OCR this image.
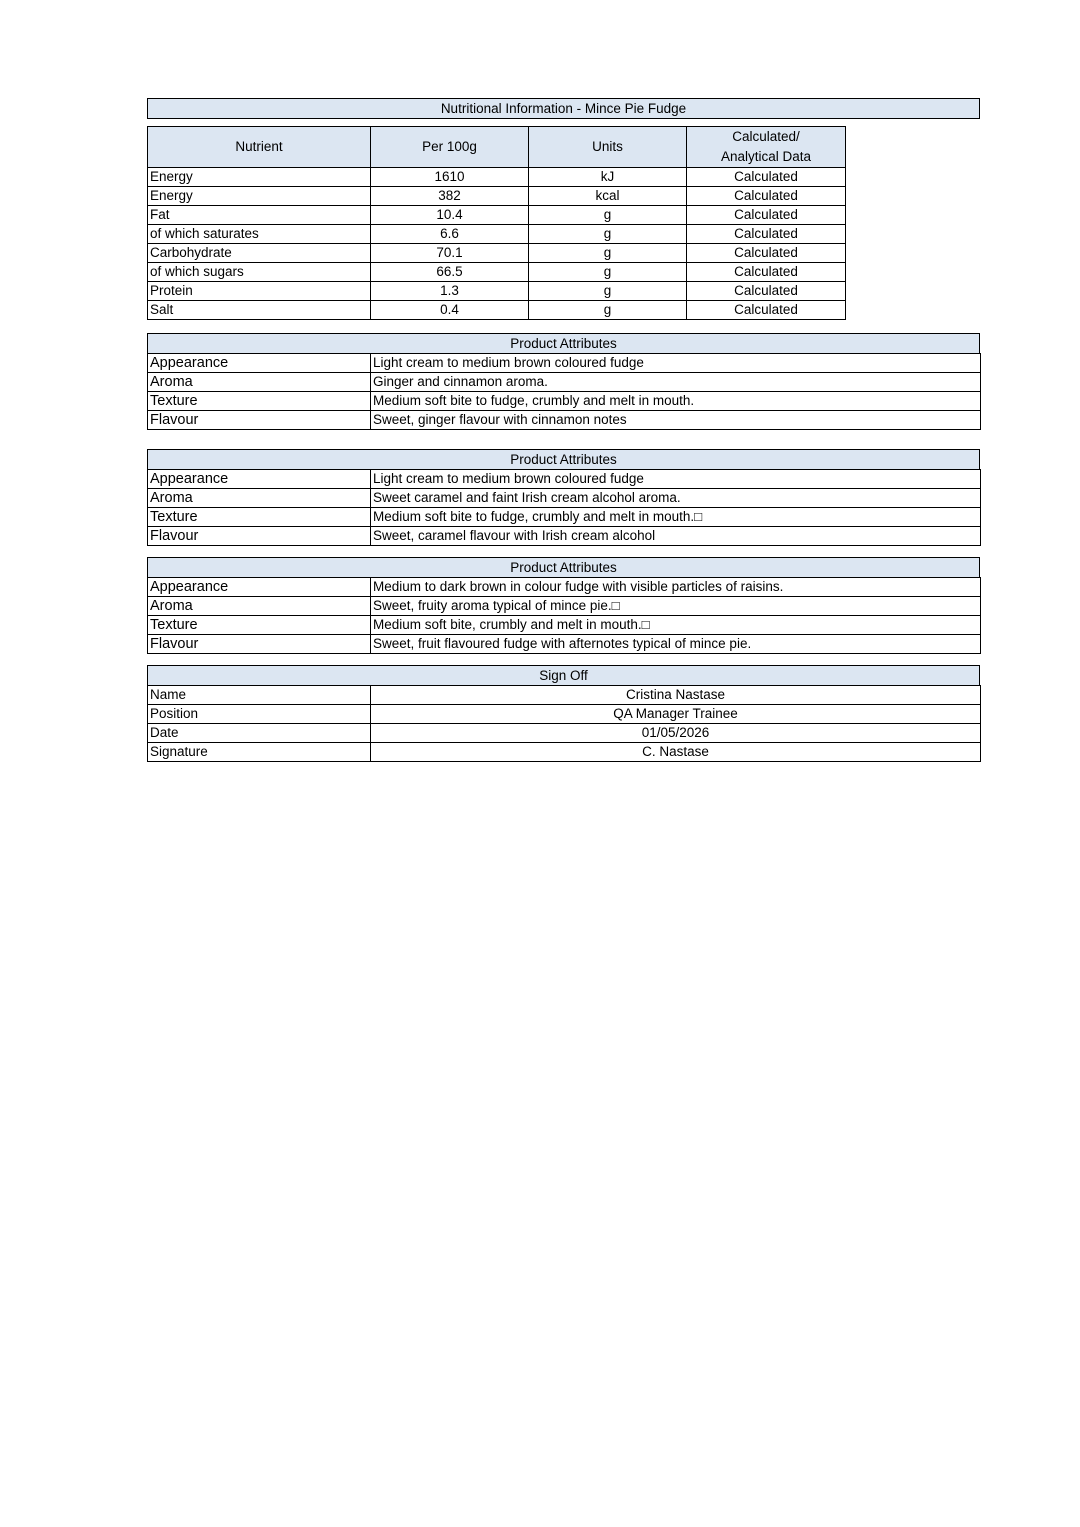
Nutritional Information - Mince Pie Fudge
Nutrient	Per 100g	Units	Calculated/
Analytical Data

Energy	1610	kJ	Calculated
Energy	382	kcal	Calculated
Fat	10.4	g	Calculated
of which saturates	6.6	g	Calculated
Carbohydrate	70.1	g	Calculated
of which sugars	66.5	g	Calculated
Protein	1.3	g	Calculated
Salt	0.4	g	Calculated
Product Attributes
Appearance	Light cream to medium brown coloured fudge
Aroma	Ginger and cinnamon aroma.
Texture	Medium soft bite to fudge, crumbly and melt in mouth.
Flavour	Sweet, ginger flavour with cinnamon notes
Product Attributes
Appearance	Light cream to medium brown coloured fudge
Aroma	Sweet caramel and faint Irish cream alcohol aroma.
Texture	Medium soft bite to fudge, crumbly and melt in mouth.□
Flavour	Sweet, caramel flavour with Irish cream alcohol
Product Attributes
Appearance	Medium to dark brown in colour fudge with visible particles of raisins.
Aroma	Sweet, fruity aroma typical of mince pie.□
Texture	Medium soft bite, crumbly and melt in mouth.□
Flavour	Sweet, fruit flavoured fudge with afternotes typical of mince pie.
Sign Off
Name	Cristina Nastase
Position	QA Manager Trainee
Date	01/05/2026
Signature	C. Nastase
